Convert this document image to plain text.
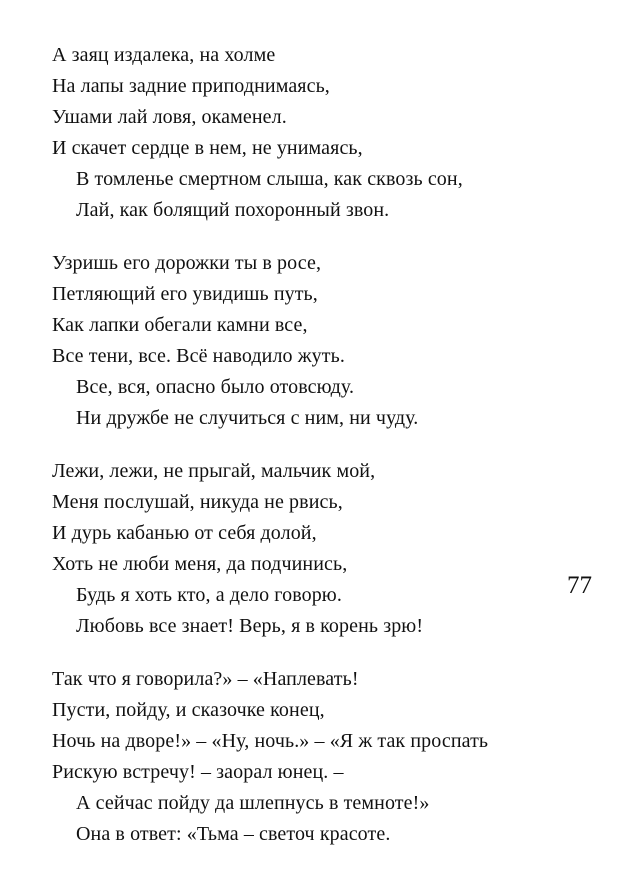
А заяц издалека, на холме
На лапы задние приподнимаясь,
Ушами лай ловя, окаменел.
И скачет сердце в нем, не унимаясь,
В томленье смертном слыша, как сквозь сон,
Лай, как болящий похоронный звон.
Узришь его дорожки ты в росе,
Петляющий его увидишь путь,
Как лапки обегали камни все,
Все тени, все. Всё наводило жуть.
Все, вся, опасно было отовсюду.
Ни дружбе не случиться с ним, ни чуду.
Лежи, лежи, не прыгай, мальчик мой,
Меня послушай, никуда не рвись,
И дурь кабанью от себя долой,
Хоть не люби меня, да подчинись,
Будь я хоть кто, а дело говорю.
Любовь все знает! Верь, я в корень зрю!
Так что я говорила?» – «Наплевать!
Пусти, пойду, и сказочке конец,
Ночь на дворе!» – «Ну, ночь.» – «Я ж так проспать
Рискую встречу! – заорал юнец. –
А сейчас пойду да шлепнусь в темноте!»
Она в ответ: «Тьма – светоч красоте.
77
